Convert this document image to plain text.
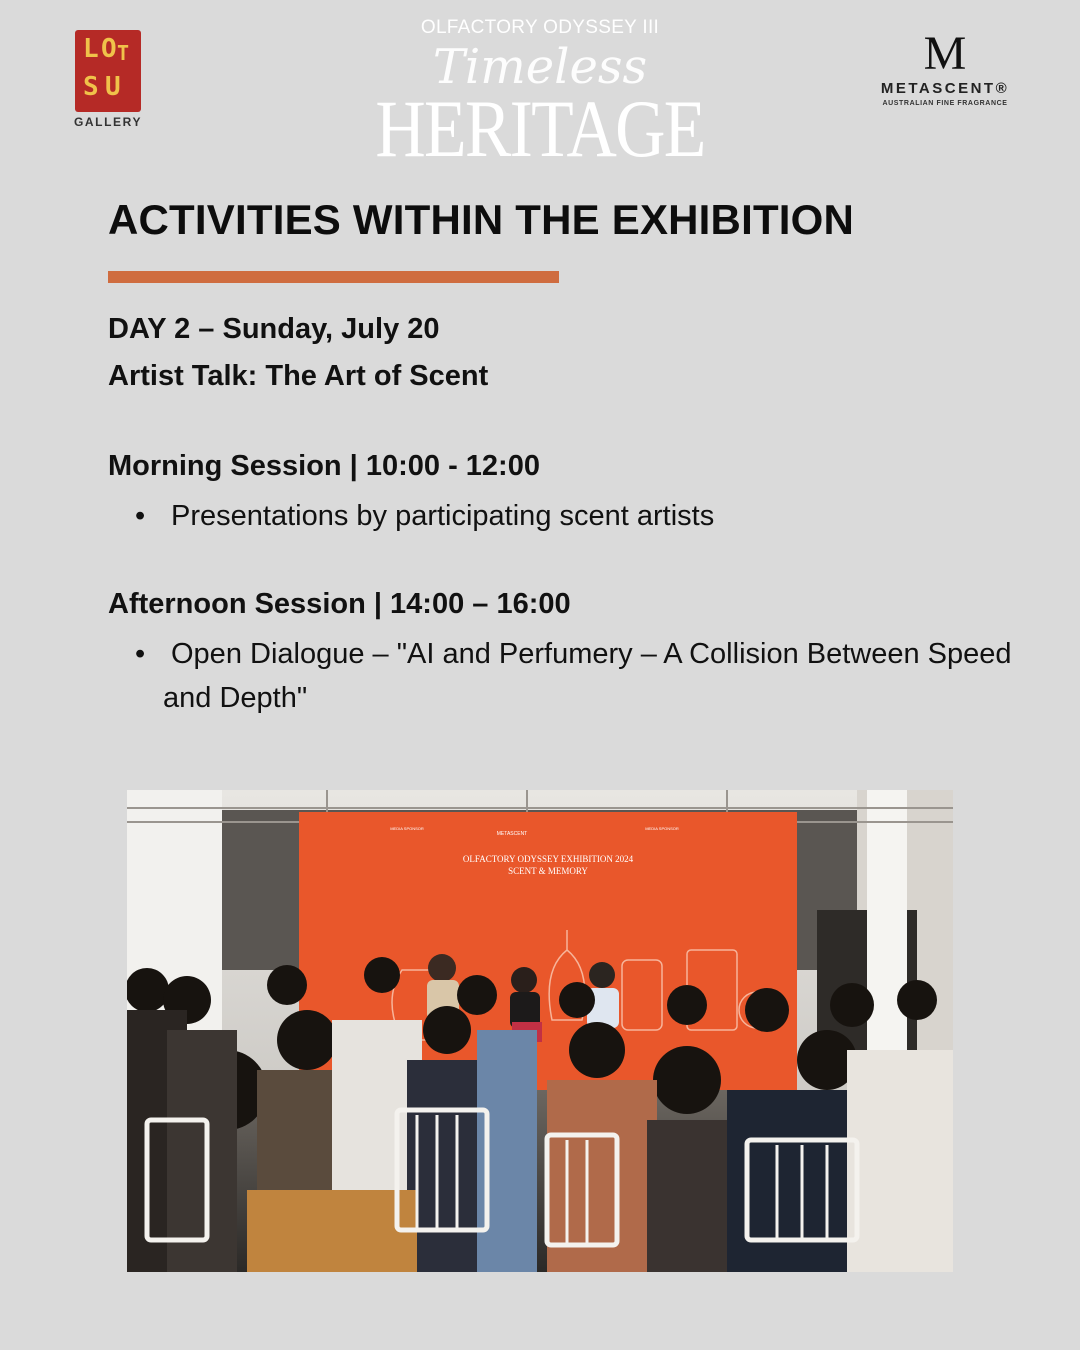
L O T
S U
GALLERY
OLFACTORY ODYSSEY III
Timeless
HERITAGE
M
METASCENT®
AUSTRALIAN FINE FRAGRANCE
ACTIVITIES WITHIN THE EXHIBITION
DAY 2 – Sunday, July 20
Artist Talk: The Art of Scent
Morning Session | 10:00 - 12:00
• Presentations by participating scent artists
Afternoon Session | 14:00 – 16:00
• Open Dialogue – "AI and Perfumery – A Collision Between Speed and Depth"
OLFACTORY ODYSSEY EXHIBITION 2024
SCENT & MEMORY
METASCENT
MEDIA SPONSOR	MEDIA SPONSOR
